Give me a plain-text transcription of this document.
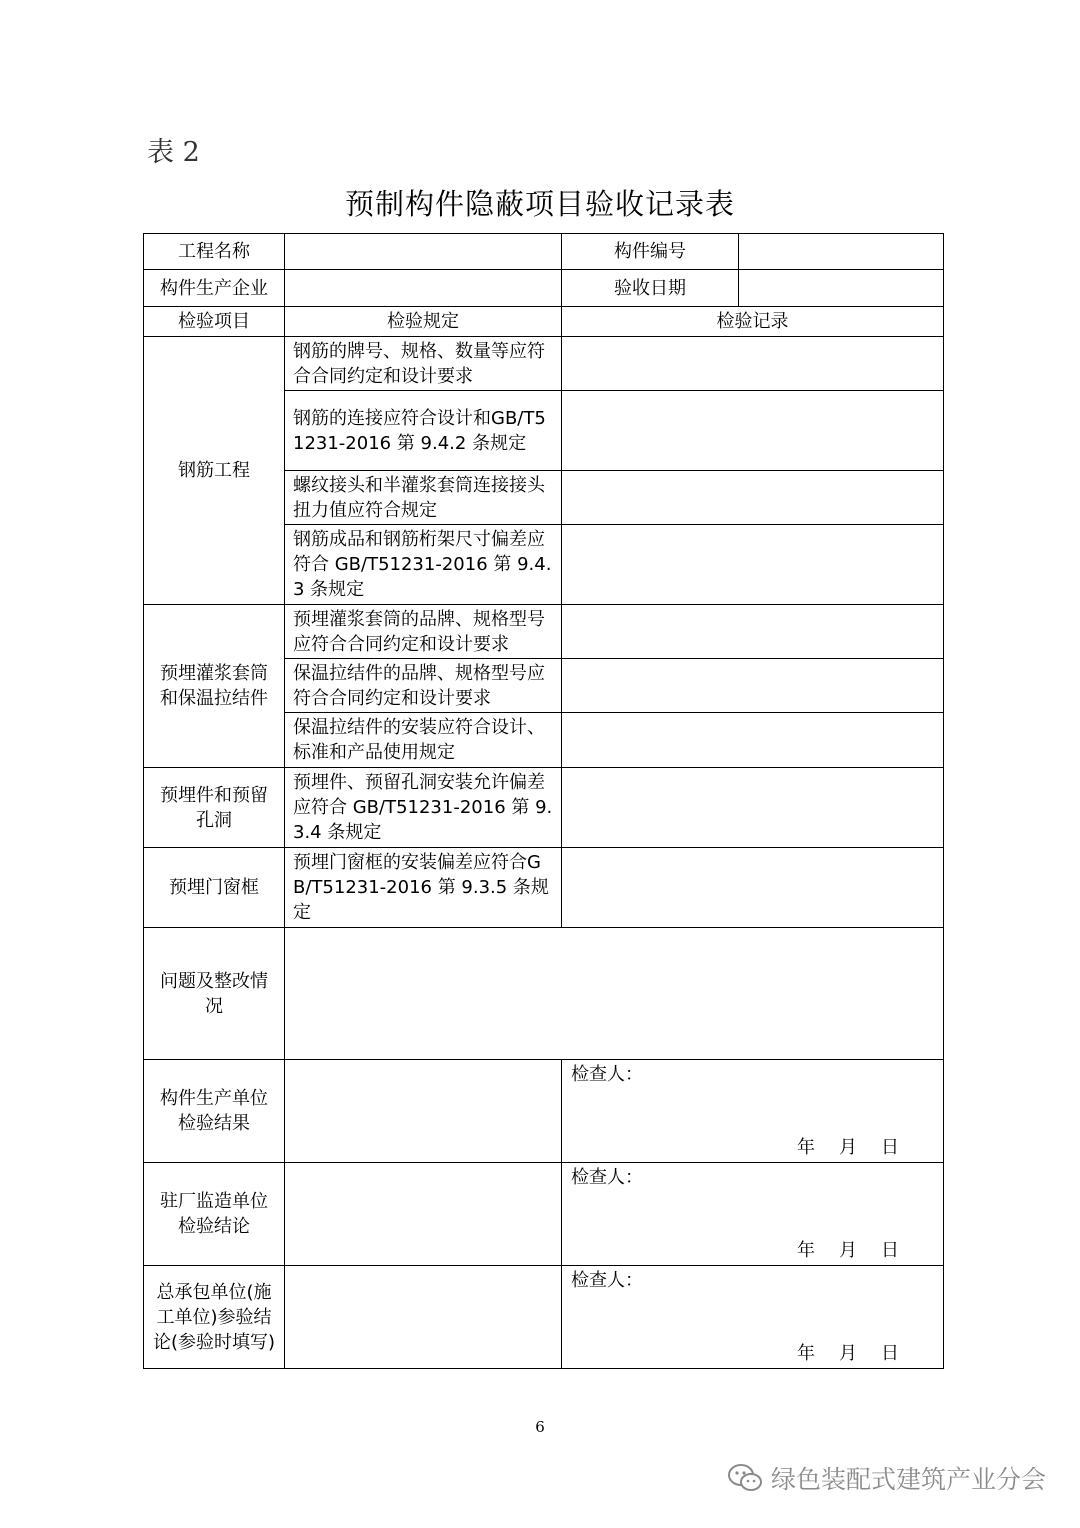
表 2
预制构件隐蔽项目验收记录表
工程名称		构件编号	
构件生产企业		验收日期	
检验项目	检验规定	检验记录	
钢筋工程	钢筋的牌号、规格、数量等应符合合同约定和设计要求		
	钢筋的连接应符合设计和GB/T51231-2016 第 9.4.2 条规定		
	螺纹接头和半灌浆套筒连接接头扭力值应符合规定		
	钢筋成品和钢筋桁架尺寸偏差应符合 GB/T51231-2016 第 9.4.3 条规定		
预埋灌浆套筒和保温拉结件	预埋灌浆套筒的品牌、规格型号应符合合同约定和设计要求		
	保温拉结件的品牌、规格型号应符合合同约定和设计要求		
	保温拉结件的安装应符合设计、标准和产品使用规定		
预埋件和预留孔洞	预埋件、预留孔洞安装允许偏差应符合 GB/T51231-2016 第 9.3.4 条规定		
预埋门窗框	预埋门窗框的安装偏差应符合GB/T51231-2016 第 9.3.5 条规定		
问题及整改情况			
构件生产单位检验结果		检查人：
年 月 日	

驻厂监造单位检验结论		检查人：
年 月 日	

总承包单位(施工单位)参验结论(参验时填写)		检查人：
年 月 日	
6
绿色装配式建筑产业分会
